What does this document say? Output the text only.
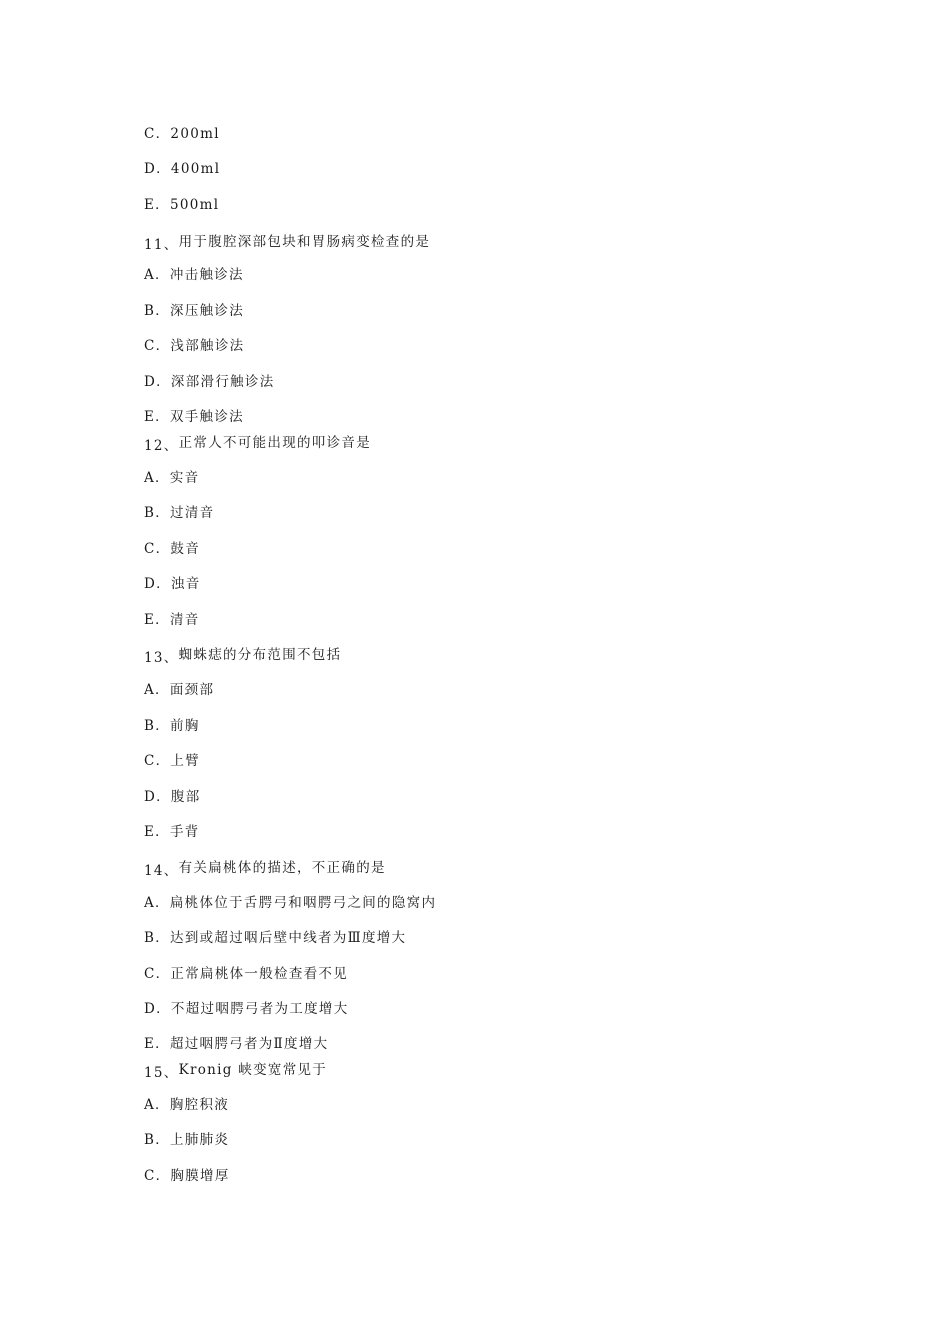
C．200ml
D．400ml
E．500ml
11、用于腹腔深部包块和胃肠病变检查的是
A．冲击触诊法
B．深压触诊法
C．浅部触诊法
D．深部滑行触诊法
E．双手触诊法
12、正常人不可能出现的叩诊音是
A．实音
B．过清音
C．鼓音
D．浊音
E．清音
13、蜘蛛痣的分布范围不包括
A．面颈部
B．前胸
C．上臂
D．腹部
E．手背
14、有关扁桃体的描述，不正确的是
A．扁桃体位于舌腭弓和咽腭弓之间的隐窝内
B．达到或超过咽后壁中线者为Ⅲ度增大
C．正常扁桃体一般检查看不见
D．不超过咽腭弓者为工度增大
E．超过咽腭弓者为Ⅱ度增大
15、Kronig 峡变宽常见于
A．胸腔积液
B．上肺肺炎
C．胸膜增厚
